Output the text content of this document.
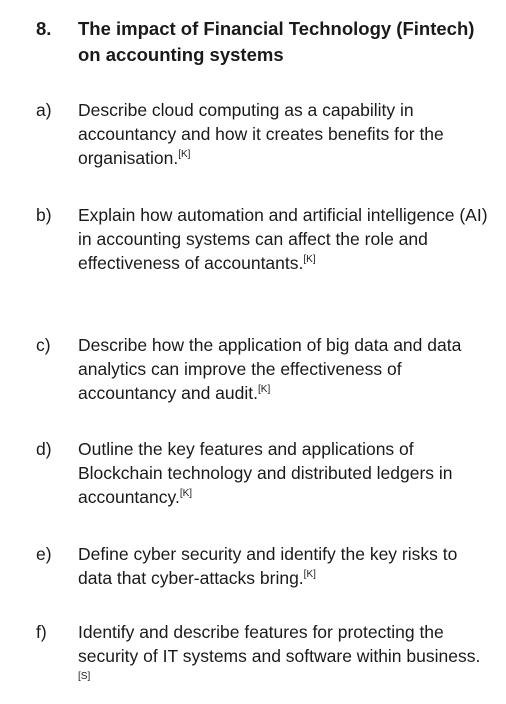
8. The impact of Financial Technology (Fintech) on accounting systems
a) Describe cloud computing as a capability in accountancy and how it creates benefits for the organisation.[K]
b) Explain how automation and artificial intelligence (AI) in accounting systems can affect the role and effectiveness of accountants.[K]
c) Describe how the application of big data and data analytics can improve the effectiveness of accountancy and audit.[K]
d) Outline the key features and applications of Blockchain technology and distributed ledgers in accountancy.[K]
e) Define cyber security and identify the key risks to data that cyber-attacks bring.[K]
f) Identify and describe features for protecting the security of IT systems and software within business.[S]
